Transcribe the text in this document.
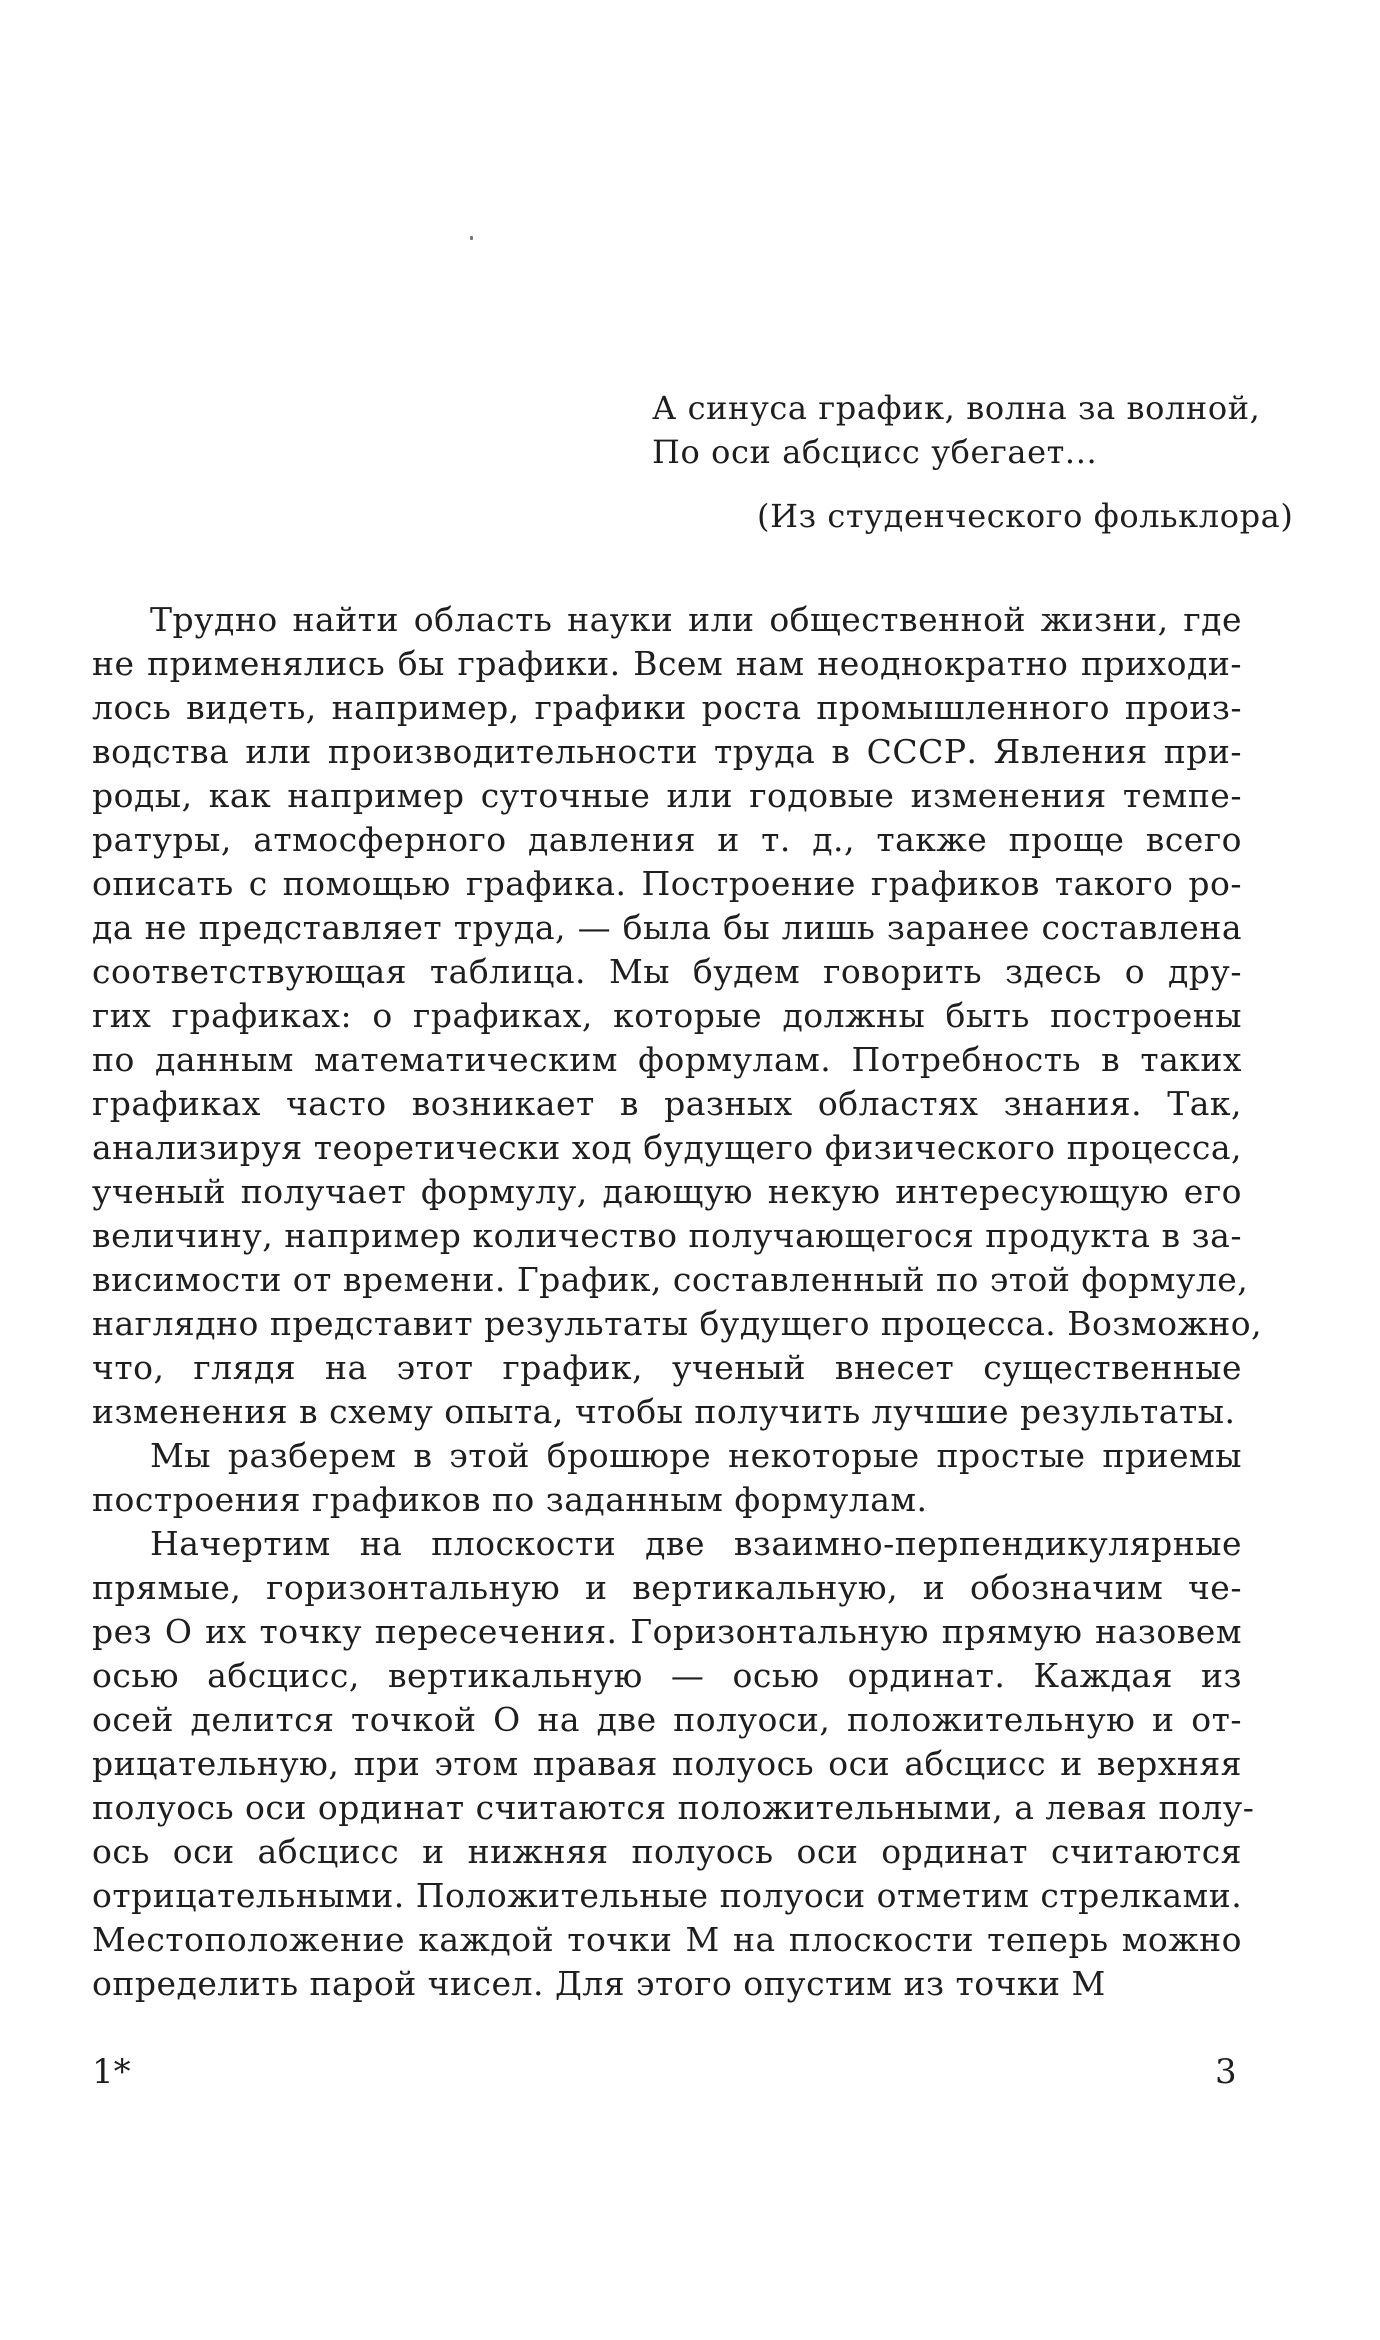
А синуса график, волна за волной,
По оси абсцисс убегает...
(Из студенческого фольклора)

Трудно найти область науки или общественной жизни, где
не применялись бы графики. Всем нам неоднократно приходи-
лось видеть, например, графики роста промышленного произ-
водства или производительности труда в СССР. Явления при-
роды, как например суточные или годовые изменения темпе-
ратуры, атмосферного давления и т. д., также проще всего
описать с помощью графика. Построение графиков такого ро-
да не представляет труда, — была бы лишь заранее составлена
соответствующая таблица. Мы будем говорить здесь о дру-
гих графиках: о графиках, которые должны быть построены
по данным математическим формулам. Потребность в таких
графиках часто возникает в разных областях знания. Так,
анализируя теоретически ход будущего физического процесса,
ученый получает формулу, дающую некую интересующую его
величину, например количество получающегося продукта в за-
висимости от времени. График, составленный по этой формуле,
наглядно представит результаты будущего процесса. Возможно,
что, глядя на этот график, ученый внесет существенные
изменения в схему опыта, чтобы получить лучшие результаты.

Мы разберем в этой брошюре некоторые простые приемы
построения графиков по заданным формулам.

Начертим на плоскости две взаимно-перпендикулярные
прямые, горизонтальную и вертикальную, и обозначим че-
рез O их точку пересечения. Горизонтальную прямую назовем
осью абсцисс, вертикальную — осью ординат. Каждая из
осей делится точкой O на две полуоси, положительную и от-
рицательную, при этом правая полуось оси абсцисс и верхняя
полуось оси ординат считаются положительными, а левая полу-
ось оси абсцисс и нижняя полуось оси ординат считаются
отрицательными. Положительные полуоси отметим стрелками.
Местоположение каждой точки M на плоскости теперь можно
определить парой чисел. Для этого опустим из точки M

1*	3
